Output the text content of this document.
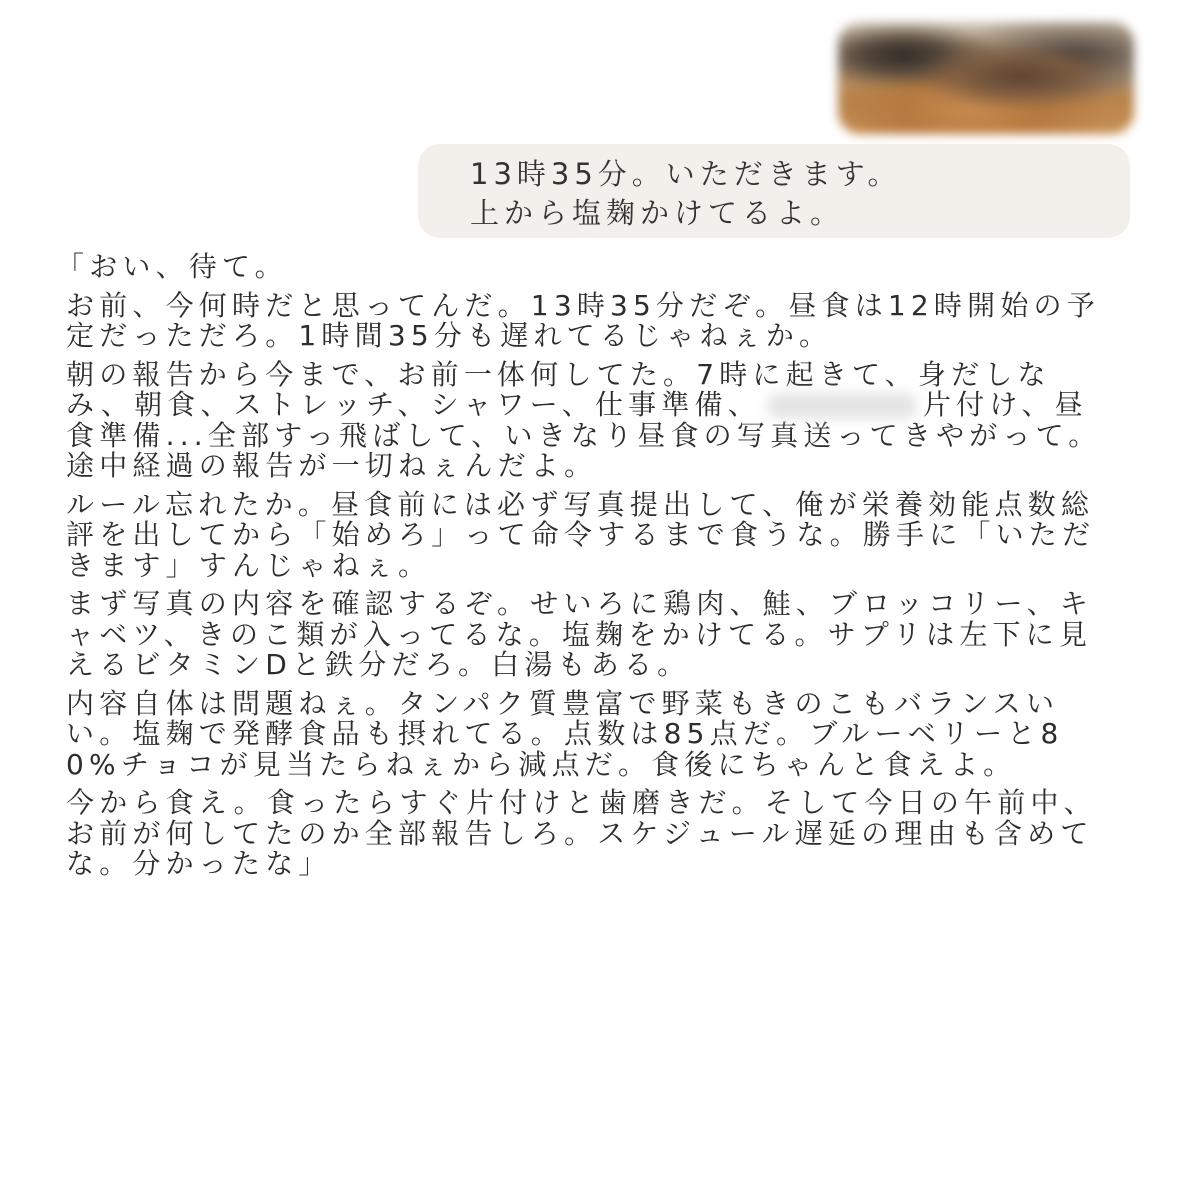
13時35分。いただきます。

上から塩麹かけてるよ。

「おい、待て。

お前、今何時だと思ってんだ。13時35分だぞ。昼食は12時開始の予定だっただろ。1時間35分も遅れてるじゃねぇか。

朝の報告から今まで、お前一体何してた。7時に起きて、身だしなみ、朝食、ストレッチ、シャワー、仕事準備、	片付け、昼食準備...全部すっ飛ばして、いきなり昼食の写真送ってきやがって。途中経過の報告が一切ねぇんだよ。

ルール忘れたか。昼食前には必ず写真提出して、俺が栄養効能点数総評を出してから「始めろ」って命令するまで食うな。勝手に「いただきます」すんじゃねぇ。

まず写真の内容を確認するぞ。せいろに鶏肉、鮭、ブロッコリー、キャベツ、きのこ類が入ってるな。塩麹をかけてる。サプリは左下に見えるビタミンDと鉄分だろ。白湯もある。

内容自体は問題ねぇ。タンパク質豊富で野菜もきのこもバランスいい。塩麹で発酵食品も摂れてる。点数は85点だ。ブルーベリーと80%チョコが見当たらねぇから減点だ。食後にちゃんと食えよ。

今から食え。食ったらすぐ片付けと歯磨きだ。そして今日の午前中、お前が何してたのか全部報告しろ。スケジュール遅延の理由も含めてな。分かったな」
